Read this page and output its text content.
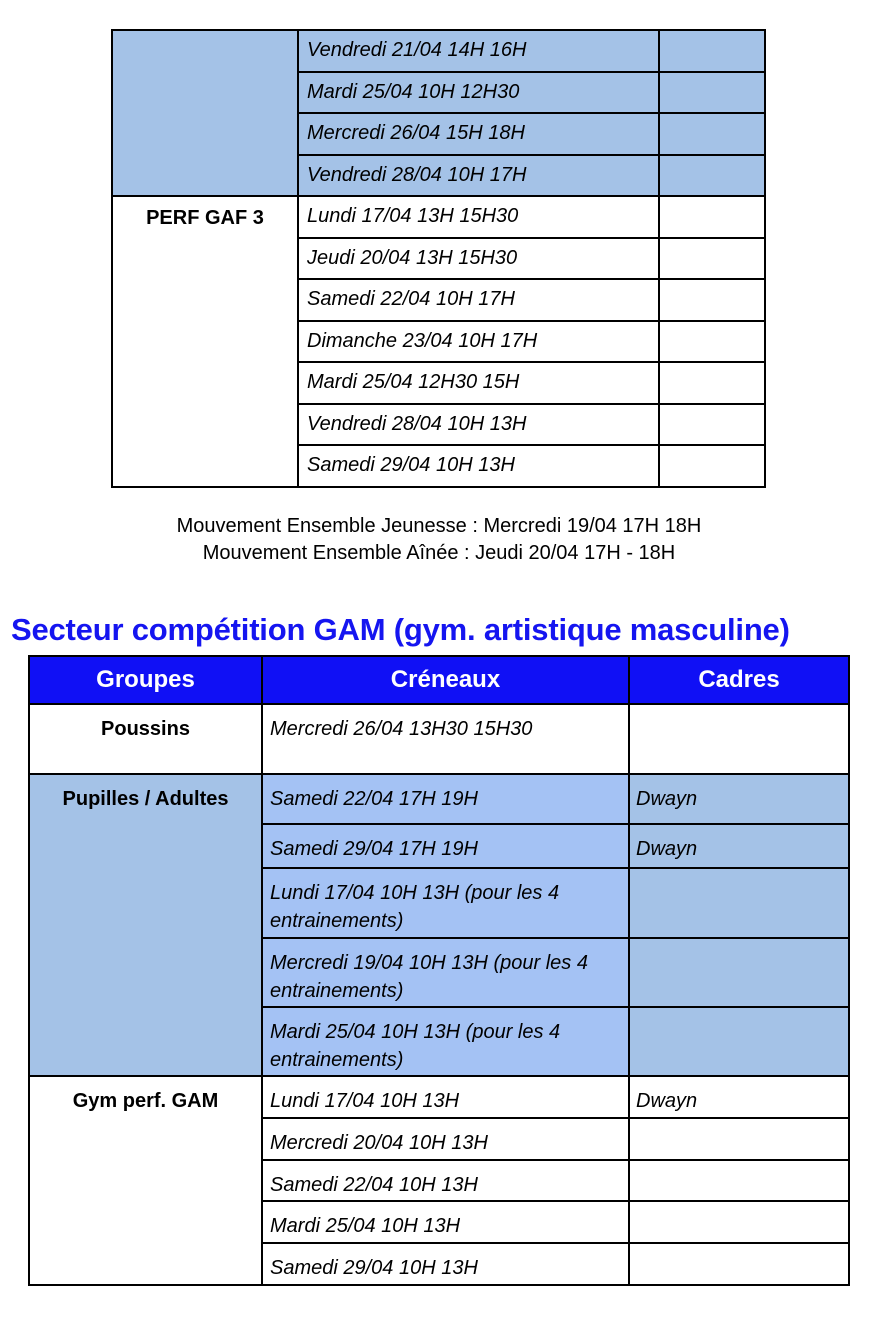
	Vendredi 21/04 14H 16H	
	Mardi 25/04 10H 12H30	
	Mercredi 26/04 15H 18H	
	Vendredi 28/04 10H 17H	
PERF GAF 3	Lundi 17/04 13H 15H30	
	Jeudi 20/04 13H 15H30	
	Samedi 22/04 10H 17H	
	Dimanche 23/04 10H 17H	
	Mardi 25/04 12H30 15H	
	Vendredi 28/04 10H 13H	
	Samedi 29/04 10H 13H	
Mouvement Ensemble Jeunesse : Mercredi 19/04 17H 18H
Mouvement Ensemble Aînée : Jeudi 20/04 17H - 18H
Secteur compétition GAM (gym. artistique masculine)
Groupes	Créneaux	Cadres
Poussins	Mercredi 26/04 13H30 15H30	
Pupilles / Adultes	Samedi 22/04 17H 19H	Dwayn
	Samedi 29/04 17H 19H	Dwayn
	Lundi 17/04 10H 13H (pour les 4 entrainements)	
	Mercredi 19/04 10H 13H (pour les 4 entrainements)	
	Mardi 25/04 10H 13H (pour les 4 entrainements)	
Gym perf. GAM	Lundi 17/04 10H 13H	Dwayn
	Mercredi 20/04 10H 13H	
	Samedi 22/04 10H 13H	
	Mardi 25/04 10H 13H	
	Samedi 29/04 10H 13H	
